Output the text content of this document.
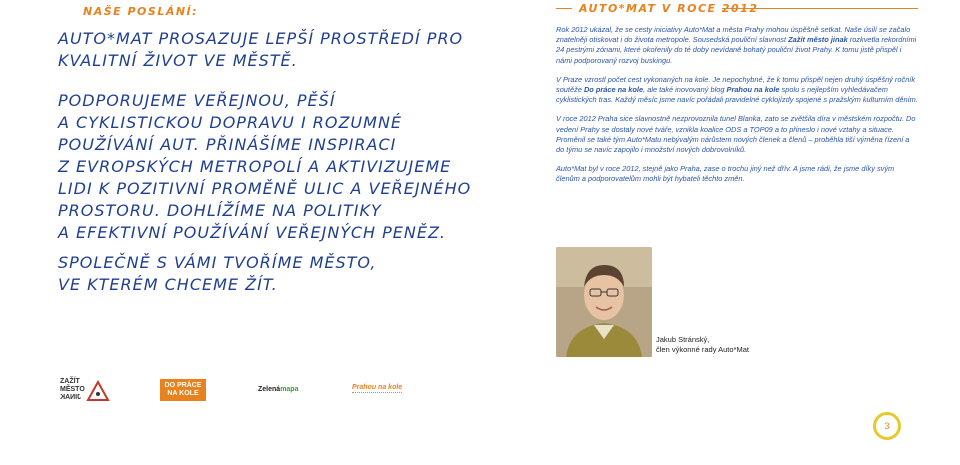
NAŠE POSLÁNÍ:

AUTO*MAT PROSAZUJE LEPŠÍ PROSTŘEDÍ PRO

KVALITNÍ ŽIVOT VE MĚSTĚ.

PODPORUJEME VEŘEJNOU, PĚŠÍ

A CYKLISTICKOU DOPRAVU I ROZUMNÉ

POUŽÍVÁNÍ AUT. PŘINÁŠÍME INSPIRACI

Z EVROPSKÝCH METROPOLÍ A AKTIVIZUJEME

LIDI K POZITIVNÍ PROMĚNĚ ULIC A VEŘEJNÉHO

PROSTORU. DOHLÍŽÍME NA POLITIKY

A EFEKTIVNÍ POUŽÍVÁNÍ VEŘEJNÝCH PENĚZ.

SPOLEČNĚ S VÁMI TVOŘÍME MĚSTO,

VE KTERÉM CHCEME ŽÍT.

AUTO*MAT V ROCE 2012

Rok 2012 ukázal, že se cesty iniciativy Auto*Mat a města Prahy mohou úspěšně setkat. Naše úsilí se začalo znatelněji otiskovat i do života metropole. Sousedská pouliční slavnost Zažít město jinak rozkvetla rekordními 24 pestrými zónami, které okořenily do té doby nevídaně bohatý pouliční život Prahy. K tomu jistě přispěl i námi podporovaný rozvoj buskingu.

V Praze vzrostl počet cest vykonaných na kole. Je nepochybné, že k tomu přispěl nejen druhý úspěšný ročník soutěže Do práce na kole, ale také inovovaný blog Prahou na kole spolu s nejlepším vyhledávačem cyklistických tras. Každý měsíc jsme navíc pořádali pravidelné cyklojízdy spojené s pražským kulturním děním.

V roce 2012 Praha sice slavnostně nezprovoznila tunel Blanka, zato se zvětšila díra v městském rozpočtu. Do vedení Prahy se dostaly nové tváře, vznikla koalice ODS a TOP09 a to přineslo i nové vztahy a situace. Proměnil se také tým Auto*Matu nebývalým nárůstem nových členek a členů – proběhla tiší výměna řízení a do týmu se navíc zapojilo i množství nových dobrovolníků.

Auto*Mat byl v roce 2012, stejně jako Praha, zase o trochu jiný než dřív. A jsme rádi, že jsme díky svým členům a podporovatelům mohli být hybateli těchto změn.

Jakub Stránský,
člen výkonné rady Auto*Mat
ZAŽÍT
MĚSTO
JINAK
DO PRÁCE
NA KOLE
Zelenámapa	Prahou na kole
3
